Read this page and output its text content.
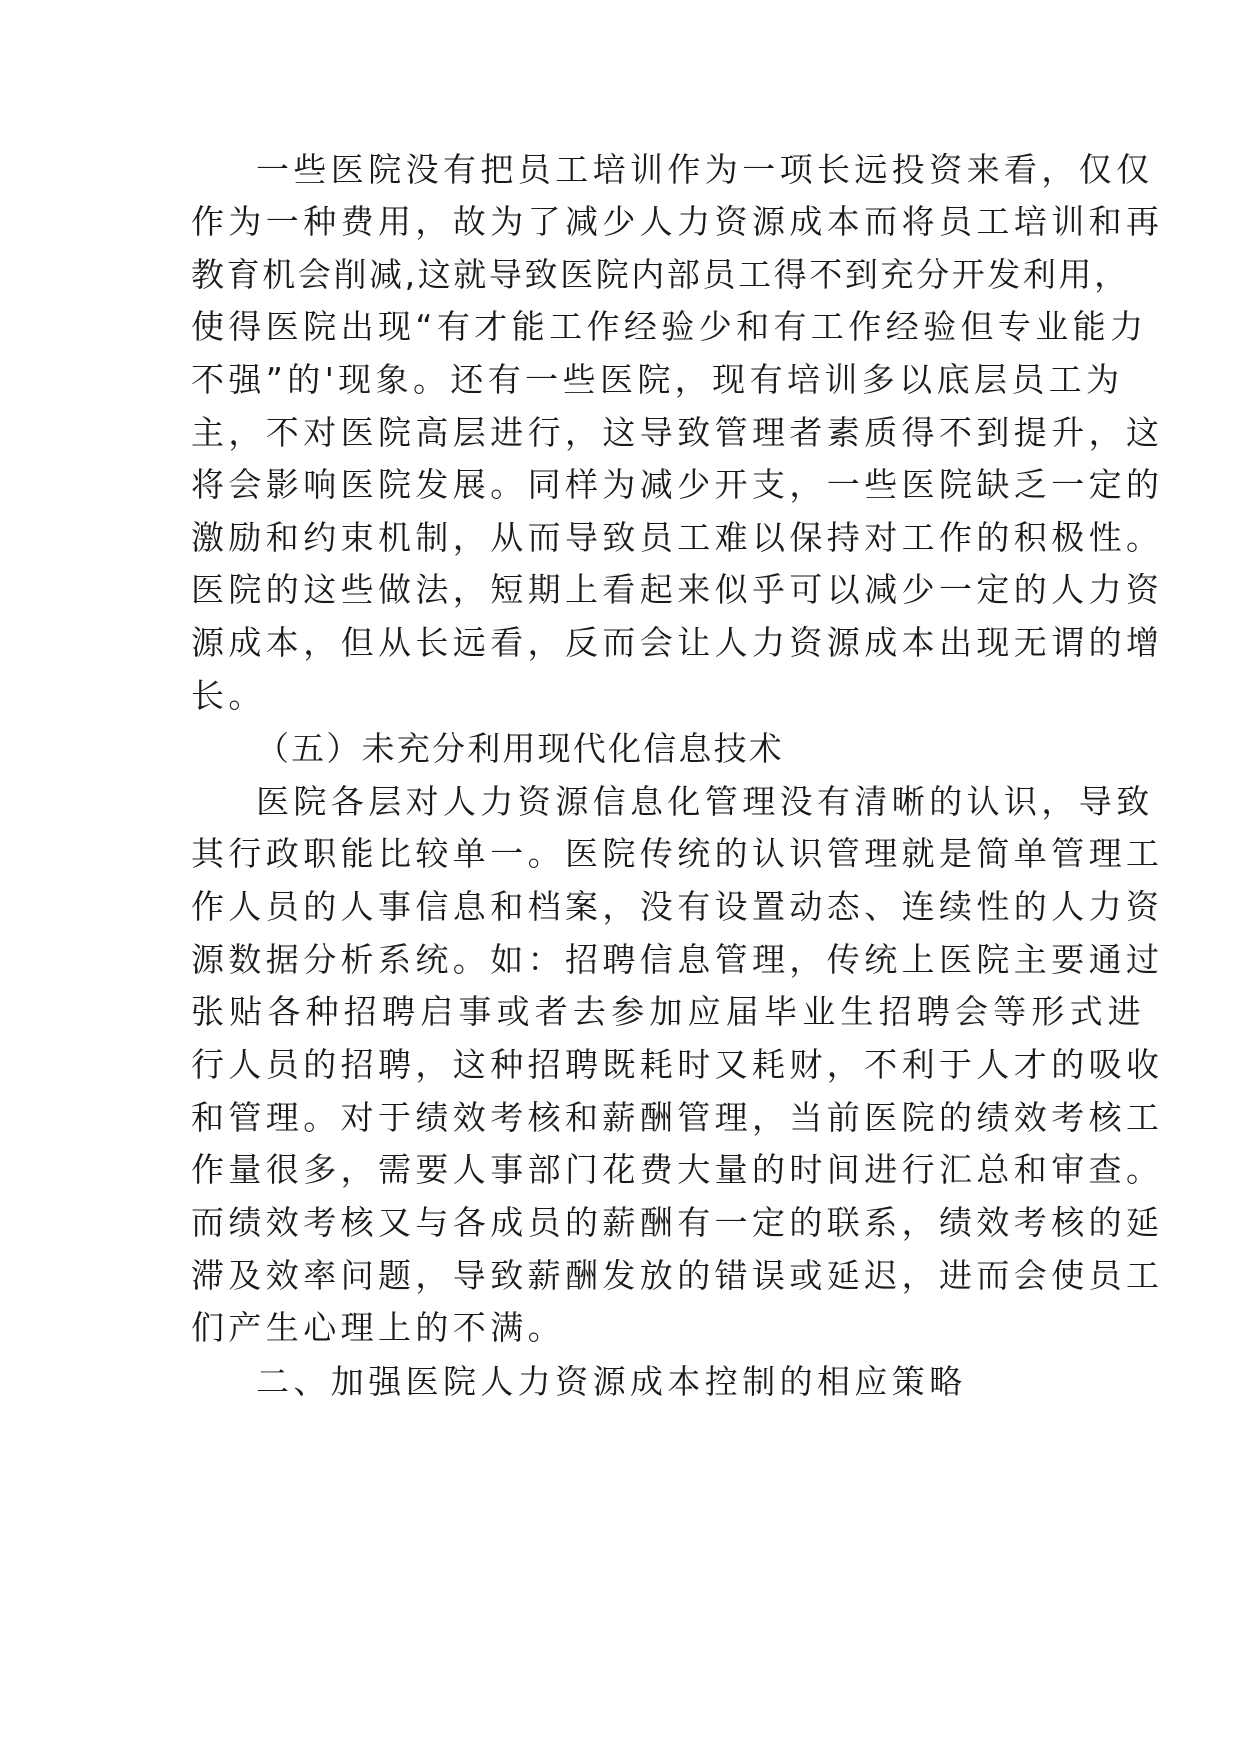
一些医院没有把员工培训作为一项长远投资来看，仅仅

作为一种费用，故为了减少人力资源成本而将员工培训和再

教育机会削减,这就导致医院内部员工得不到充分开发利用，

使得医院出现“有才能工作经验少和有工作经验但专业能力

不强”的'现象。还有一些医院，现有培训多以底层员工为

主，不对医院高层进行，这导致管理者素质得不到提升，这

将会影响医院发展。同样为减少开支，一些医院缺乏一定的

激励和约束机制，从而导致员工难以保持对工作的积极性。

医院的这些做法，短期上看起来似乎可以减少一定的人力资

源成本，但从长远看，反而会让人力资源成本出现无谓的增

长。

（五）未充分利用现代化信息技术

医院各层对人力资源信息化管理没有清晰的认识，导致

其行政职能比较单一。医院传统的认识管理就是简单管理工

作人员的人事信息和档案，没有设置动态、连续性的人力资

源数据分析系统。如：招聘信息管理，传统上医院主要通过

张贴各种招聘启事或者去参加应届毕业生招聘会等形式进

行人员的招聘，这种招聘既耗时又耗财，不利于人才的吸收

和管理。对于绩效考核和薪酬管理，当前医院的绩效考核工

作量很多，需要人事部门花费大量的时间进行汇总和审查。

而绩效考核又与各成员的薪酬有一定的联系，绩效考核的延

滞及效率问题，导致薪酬发放的错误或延迟，进而会使员工

们产生心理上的不满。

二、加强医院人力资源成本控制的相应策略
